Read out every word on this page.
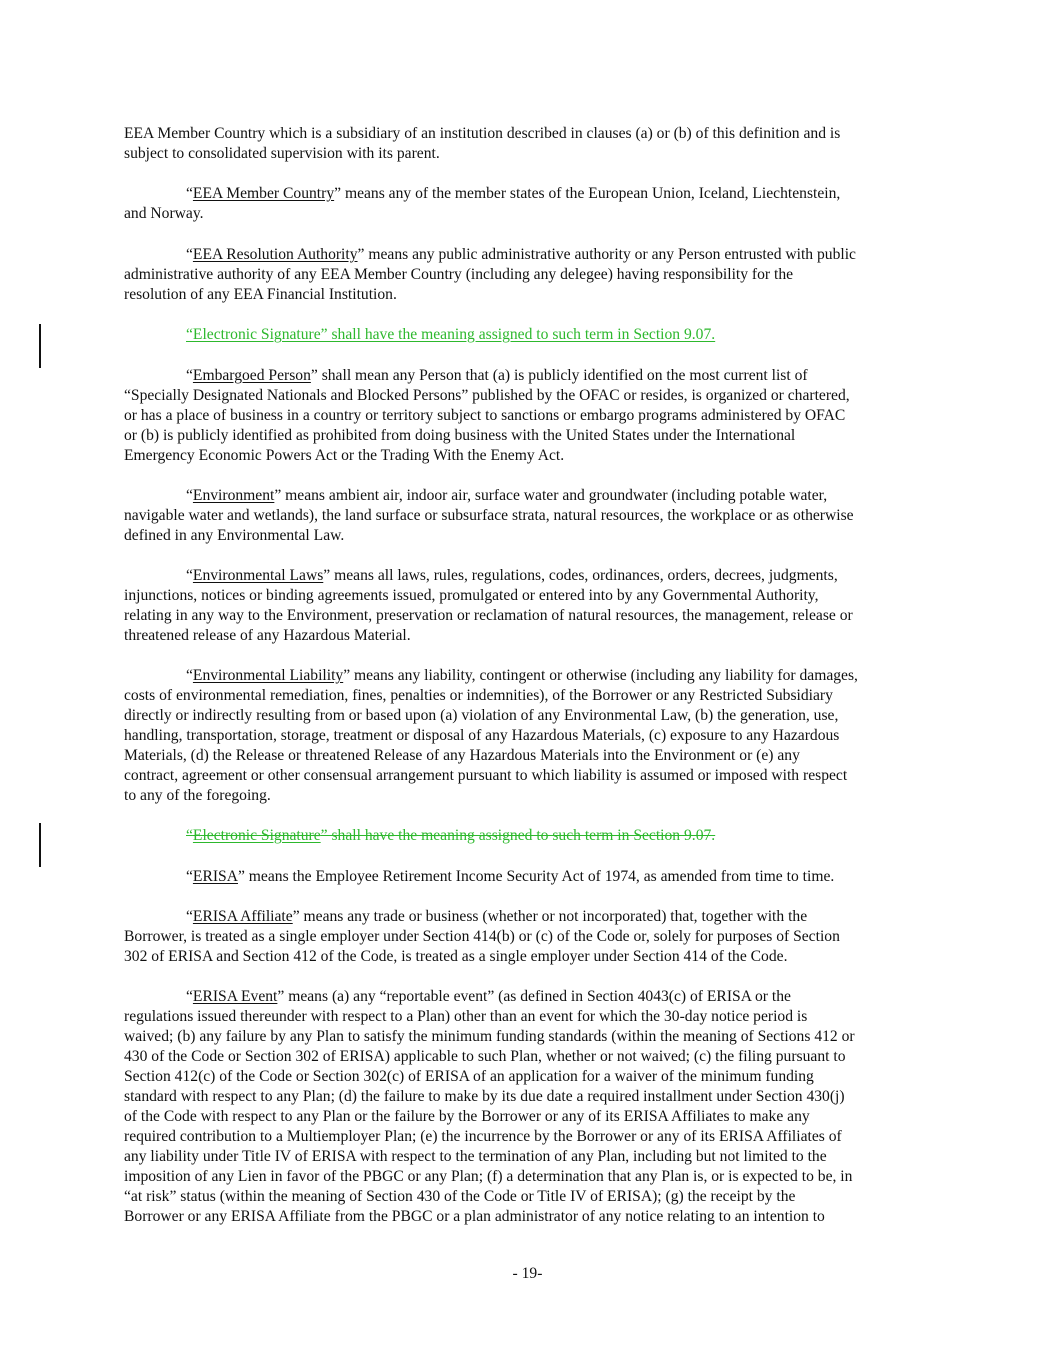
EEA Member Country which is a subsidiary of an institution described in clauses (a) or (b) of this definition and is
subject to consolidated supervision with its parent.
“EEA Member Country” means any of the member states of the European Union, Iceland, Liechtenstein,
and Norway.
“EEA Resolution Authority” means any public administrative authority or any Person entrusted with public
administrative authority of any EEA Member Country (including any delegee) having responsibility for the
resolution of any EEA Financial Institution.
“Electronic Signature” shall have the meaning assigned to such term in Section 9.07.
“Embargoed Person” shall mean any Person that (a) is publicly identified on the most current list of
“Specially Designated Nationals and Blocked Persons” published by the OFAC or resides, is organized or chartered,
or has a place of business in a country or territory subject to sanctions or embargo programs administered by OFAC
or (b) is publicly identified as prohibited from doing business with the United States under the International
Emergency Economic Powers Act or the Trading With the Enemy Act.
“Environment” means ambient air, indoor air, surface water and groundwater (including potable water,
navigable water and wetlands), the land surface or subsurface strata, natural resources, the workplace or as otherwise
defined in any Environmental Law.
“Environmental Laws” means all laws, rules, regulations, codes, ordinances, orders, decrees, judgments,
injunctions, notices or binding agreements issued, promulgated or entered into by any Governmental Authority,
relating in any way to the Environment, preservation or reclamation of natural resources, the management, release or
threatened release of any Hazardous Material.
“Environmental Liability” means any liability, contingent or otherwise (including any liability for damages,
costs of environmental remediation, fines, penalties or indemnities), of the Borrower or any Restricted Subsidiary
directly or indirectly resulting from or based upon (a) violation of any Environmental Law, (b) the generation, use,
handling, transportation, storage, treatment or disposal of any Hazardous Materials, (c) exposure to any Hazardous
Materials, (d) the Release or threatened Release of any Hazardous Materials into the Environment or (e) any
contract, agreement or other consensual arrangement pursuant to which liability is assumed or imposed with respect
to any of the foregoing.
“Electronic Signature” shall have the meaning assigned to such term in Section 9.07.
“ERISA” means the Employee Retirement Income Security Act of 1974, as amended from time to time.
“ERISA Affiliate” means any trade or business (whether or not incorporated) that, together with the
Borrower, is treated as a single employer under Section 414(b) or (c) of the Code or, solely for purposes of Section
302 of ERISA and Section 412 of the Code, is treated as a single employer under Section 414 of the Code.
“ERISA Event” means (a) any “reportable event” (as defined in Section 4043(c) of ERISA or the
regulations issued thereunder with respect to a Plan) other than an event for which the 30-day notice period is
waived; (b) any failure by any Plan to satisfy the minimum funding standards (within the meaning of Sections 412 or
430 of the Code or Section 302 of ERISA) applicable to such Plan, whether or not waived; (c) the filing pursuant to
Section 412(c) of the Code or Section 302(c) of ERISA of an application for a waiver of the minimum funding
standard with respect to any Plan; (d) the failure to make by its due date a required installment under Section 430(j)
of the Code with respect to any Plan or the failure by the Borrower or any of its ERISA Affiliates to make any
required contribution to a Multiemployer Plan; (e) the incurrence by the Borrower or any of its ERISA Affiliates of
any liability under Title IV of ERISA with respect to the termination of any Plan, including but not limited to the
imposition of any Lien in favor of the PBGC or any Plan; (f) a determination that any Plan is, or is expected to be, in
“at risk” status (within the meaning of Section 430 of the Code or Title IV of ERISA); (g) the receipt by the
Borrower or any ERISA Affiliate from the PBGC or a plan administrator of any notice relating to an intention to
- 19-
